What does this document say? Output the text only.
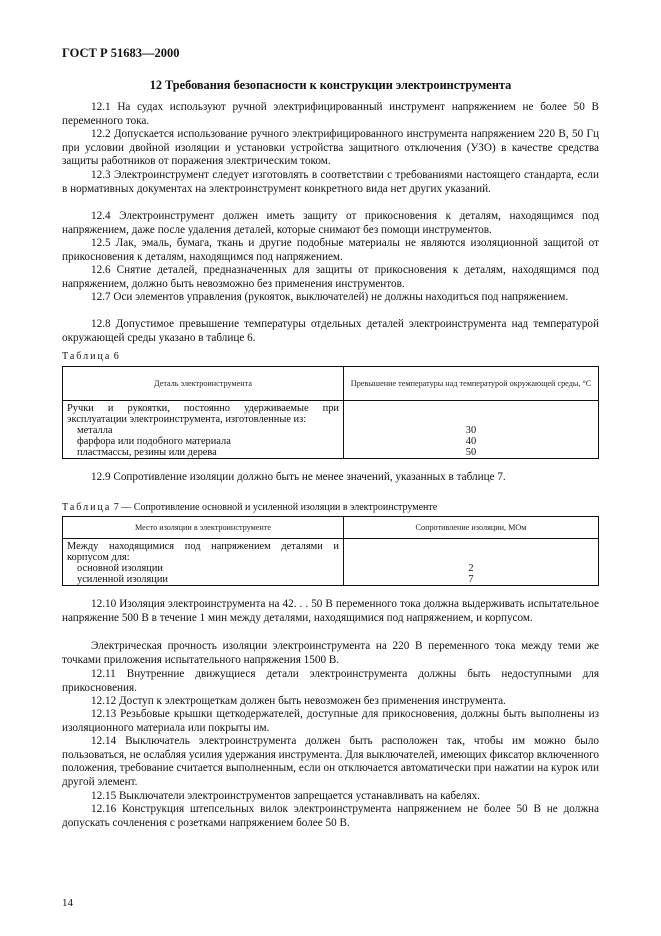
ГОСТ Р 51683—2000
12 Требования безопасности к конструкции электроинструмента
12.1 На судах используют ручной электрифицированный инструмент напряжением не более 50 В переменного тока.
12.2 Допускается использование ручного электрифицированного инструмента напряжением 220 В, 50 Гц при условии двойной изоляции и установки устройства защитного отключения (УЗО) в качестве средства защиты работников от поражения электрическим током.
12.3 Электроинструмент следует изготовлять в соответствии с требованиями настоящего стандарта, если в нормативных документах на электроинструмент конкретного вида нет других указаний.
12.4 Электроинструмент должен иметь защиту от прикосновения к деталям, находящимся под напряжением, даже после удаления деталей, которые снимают без помощи инструментов.
12.5 Лак, эмаль, бумага, ткань и другие подобные материалы не являются изоляционной защитой от прикосновения к деталям, находящимся под напряжением.
12.6 Снятие деталей, предназначенных для защиты от прикосновения к деталям, находящимся под напряжением, должно быть невозможно без применения инструментов.
12.7 Оси элементов управления (рукояток, выключателей) не должны находиться под напряжением.
12.8 Допустимое превышение температуры отдельных деталей электроинструмента над температурой окружающей среды указано в таблице 6.
Таблица 6
Деталь электроинструмента	Превышение температуры над температурой окружающей среды, °С
Ручки и рукоятки, постоянно удерживаемые при эксплуатации электроинструмента, изготовленные из:	
металла	30
фарфора или подобного материала	40
пластмассы, резины или дерева	50
12.9 Сопротивление изоляции должно быть не менее значений, указанных в таблице 7.
Таблица 7 — Сопротивление основной и усиленной изоляции в электроинструменте
Место изоляции в электроинструменте	Сопротивление изоляции, МОм
Между находящимися под напряжением деталями и корпусом для:	
основной изоляции	2
усиленной изоляции	7
12.10 Изоляция электроинструмента на 42. . . 50 В переменного тока должна выдерживать испытательное напряжение 500 В в течение 1 мин между деталями, находящимися под напряжением, и корпусом.
Электрическая прочность изоляции электроинструмента на 220 В переменного тока между теми же точками приложения испытательного напряжения 1500 В.
12.11 Внутренние движущиеся детали электроинструмента должны быть недоступными для прикосновения.
12.12 Доступ к электрощеткам должен быть невозможен без применения инструмента.
12.13 Резьбовые крышки щеткодержателей, доступные для прикосновения, должны быть выполнены из изоляционного материала или покрыты им.
12.14 Выключатель электроинструмента должен быть расположен так, чтобы им можно было пользоваться, не ослабляя усилия удержания инструмента. Для выключателей, имеющих фиксатор включенного положения, требование считается выполненным, если он отключается автоматически при нажатии на курок или другой элемент.
12.15 Выключатели электроинструментов запрещается устанавливать на кабелях.
12.16 Конструкция штепсельных вилок электроинструмента напряжением не более 50 В не должна допускать сочленения с розетками напряжением более 50 В.
14
